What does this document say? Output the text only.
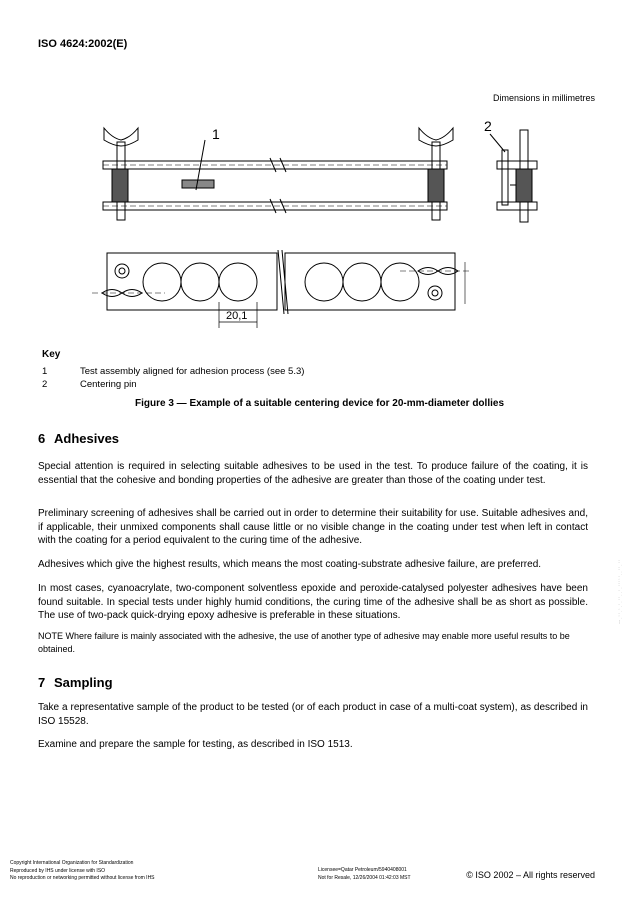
ISO 4624:2002(E)
Dimensions in millimetres
1	2
20,1
Key
1	Test assembly aligned for adhesion process (see 5.3)
2	Centering pin
Figure 3 — Example of a suitable centering device for 20-mm-diameter dollies
6 Adhesives
Special attention is required in selecting suitable adhesives to be used in the test. To produce failure of the coating, it is essential that the cohesive and bonding properties of the adhesive are greater than those of the coating under test.
Preliminary screening of adhesives shall be carried out in order to determine their suitability for use. Suitable adhesives and, if applicable, their unmixed components shall cause little or no visible change in the coating under test when left in contact with the coating for a period equivalent to the curing time of the adhesive.
Adhesives which give the highest results, which means the most coating-substrate adhesive failure, are preferred.
In most cases, cyanoacrylate, two-component solventless epoxide and peroxide-catalysed polyester adhesives have been found suitable. In special tests under highly humid conditions, the curing time of the adhesive shall be as short as possible. The use of two-pack quick-drying epoxy adhesive is preferable in these situations.
NOTE Where failure is mainly associated with the adhesive, the use of another type of adhesive may enable more useful results to be obtained.
7 Sampling
Take a representative sample of the product to be tested (or of each product in case of a multi-coat system), as described in ISO 15528.
Examine and prepare the sample for testing, as described in ISO 1513.
, , ` , , ` ` , , , , , ` , ` ` , , ` , ` , ` , , ` ---
Copyright International Organization for Standardization
Reproduced by IHS under license with ISO
No reproduction or networking permitted without license from IHS
Licensee=Qatar Petroleum/5940408001
Not for Resale, 12/26/2004 01:42:03 MST	© ISO 2002 – All rights reserved
